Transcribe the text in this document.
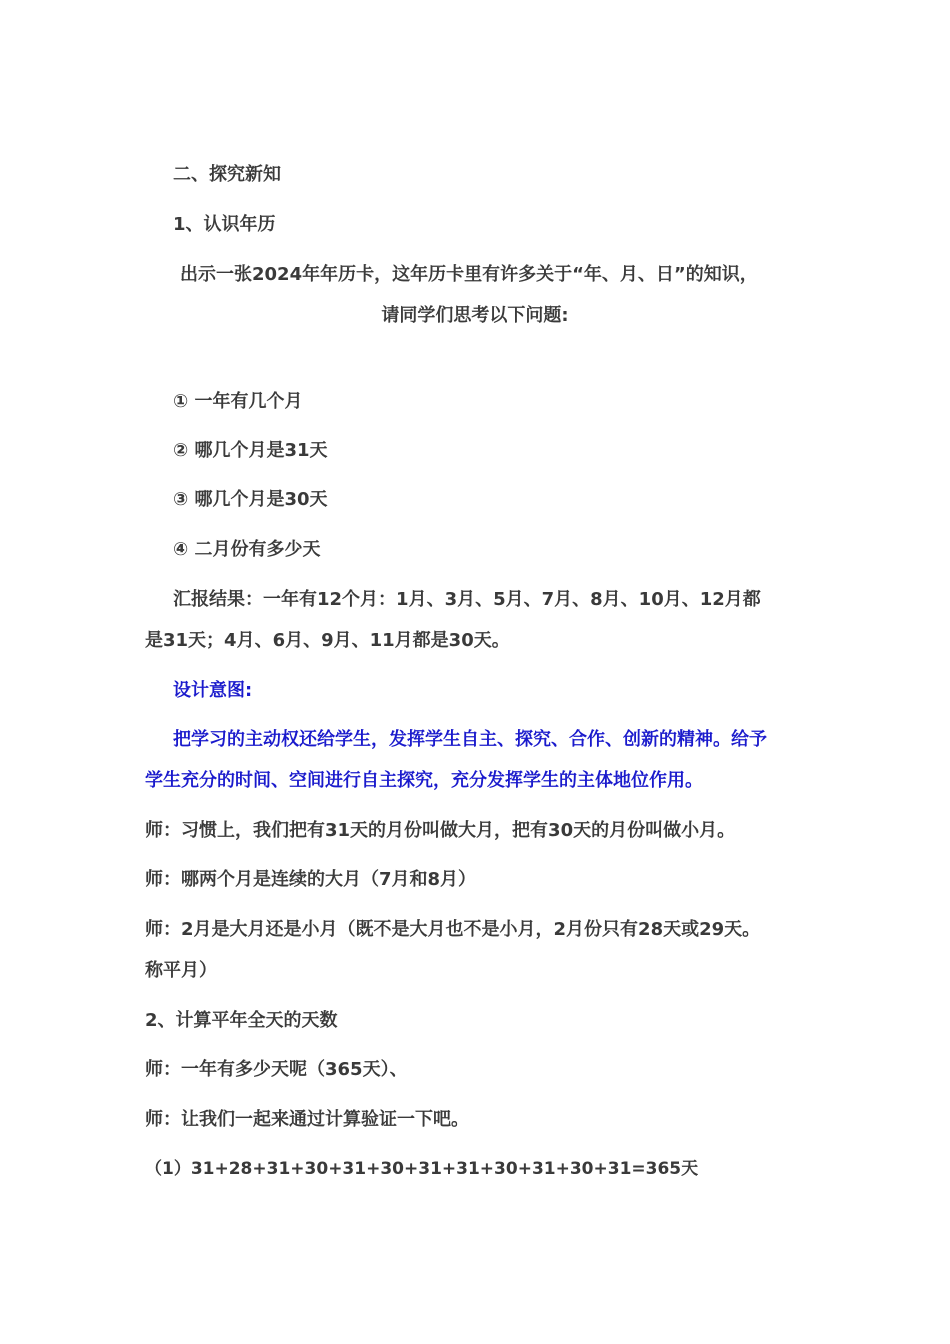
二、探究新知

1、认识年历

出示一张2024年年历卡，这年历卡里有许多关于“年、月、日”的知识，

请同学们思考以下问题:

① 一年有几个月

② 哪几个月是31天

③ 哪几个月是30天

④ 二月份有多少天

汇报结果：一年有12个月：1月、3月、5月、7月、8月、10月、12月都

是31天；4月、6月、9月、11月都是30天。

设计意图:

把学习的主动权还给学生，发挥学生自主、探究、合作、创新的精神。给予

学生充分的时间、空间进行自主探究，充分发挥学生的主体地位作用。

师：习惯上，我们把有31天的月份叫做大月，把有30天的月份叫做小月。

师：哪两个月是连续的大月（7月和8月）

师：2月是大月还是小月（既不是大月也不是小月，2月份只有28天或29天。

称平月）

2、计算平年全天的天数

师：一年有多少天呢（365天）、

师：让我们一起来通过计算验证一下吧。

（1）31+28+31+30+31+30+31+31+30+31+30+31=365天
